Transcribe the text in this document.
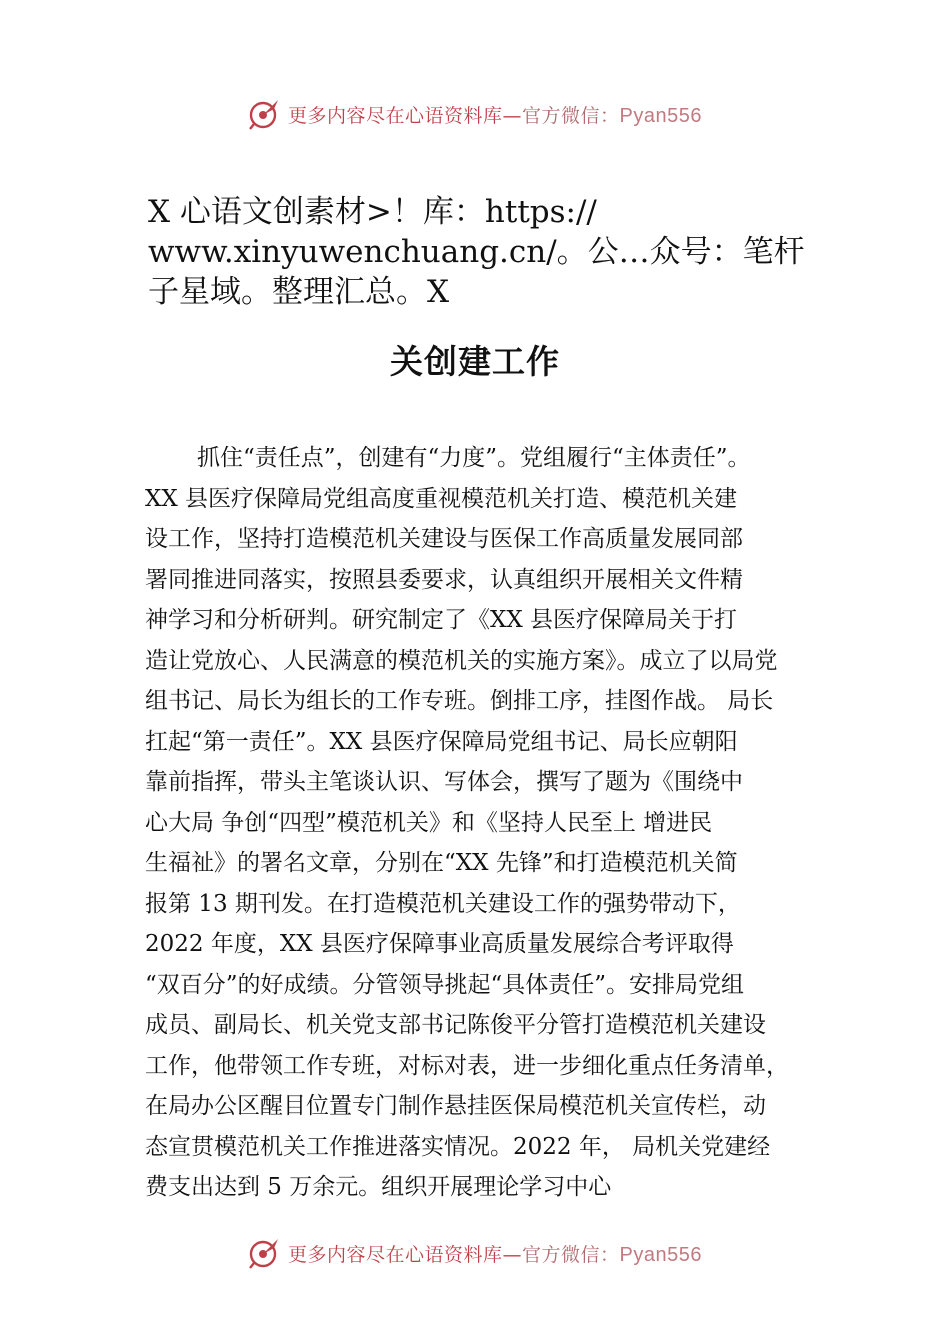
更多内容尽在心语资料库—官方微信：Pyan556
X 心语文创素材>！库：https://
www.xinyuwenchuang.cn/。公…众号：笔杆
子星域。整理汇总。X
关创建工作
抓住“责任点”，创建有“力度”。党组履行“主体责任”。
XX 县医疗保障局党组高度重视模范机关打造、模范机关建
设工作，坚持打造模范机关建设与医保工作高质量发展同部
署同推进同落实，按照县委要求，认真组织开展相关文件精
神学习和分析研判。研究制定了《XX 县医疗保障局关于打
造让党放心、人民满意的模范机关的实施方案》。成立了以局党
组书记、局长为组长的工作专班。倒排工序，挂图作战。 局长
扛起“第一责任”。XX 县医疗保障局党组书记、局长应朝阳
靠前指挥，带头主笔谈认识、写体会，撰写了题为《围绕中
心大局 争创“四型”模范机关》和《坚持人民至上 增进民
生福祉》的署名文章，分别在“XX 先锋”和打造模范机关简
报第 13 期刊发。在打造模范机关建设工作的强势带动下，
2022 年度，XX 县医疗保障事业高质量发展综合考评取得
“双百分”的好成绩。分管领导挑起“具体责任”。安排局党组
成员、副局长、机关党支部书记陈俊平分管打造模范机关建设
工作，他带领工作专班，对标对表，进一步细化重点任务清单，
在局办公区醒目位置专门制作悬挂医保局模范机关宣传栏，动
态宣贯模范机关工作推进落实情况。2022 年， 局机关党建经
费支出达到 5 万余元。组织开展理论学习中心
更多内容尽在心语资料库—官方微信：Pyan556
